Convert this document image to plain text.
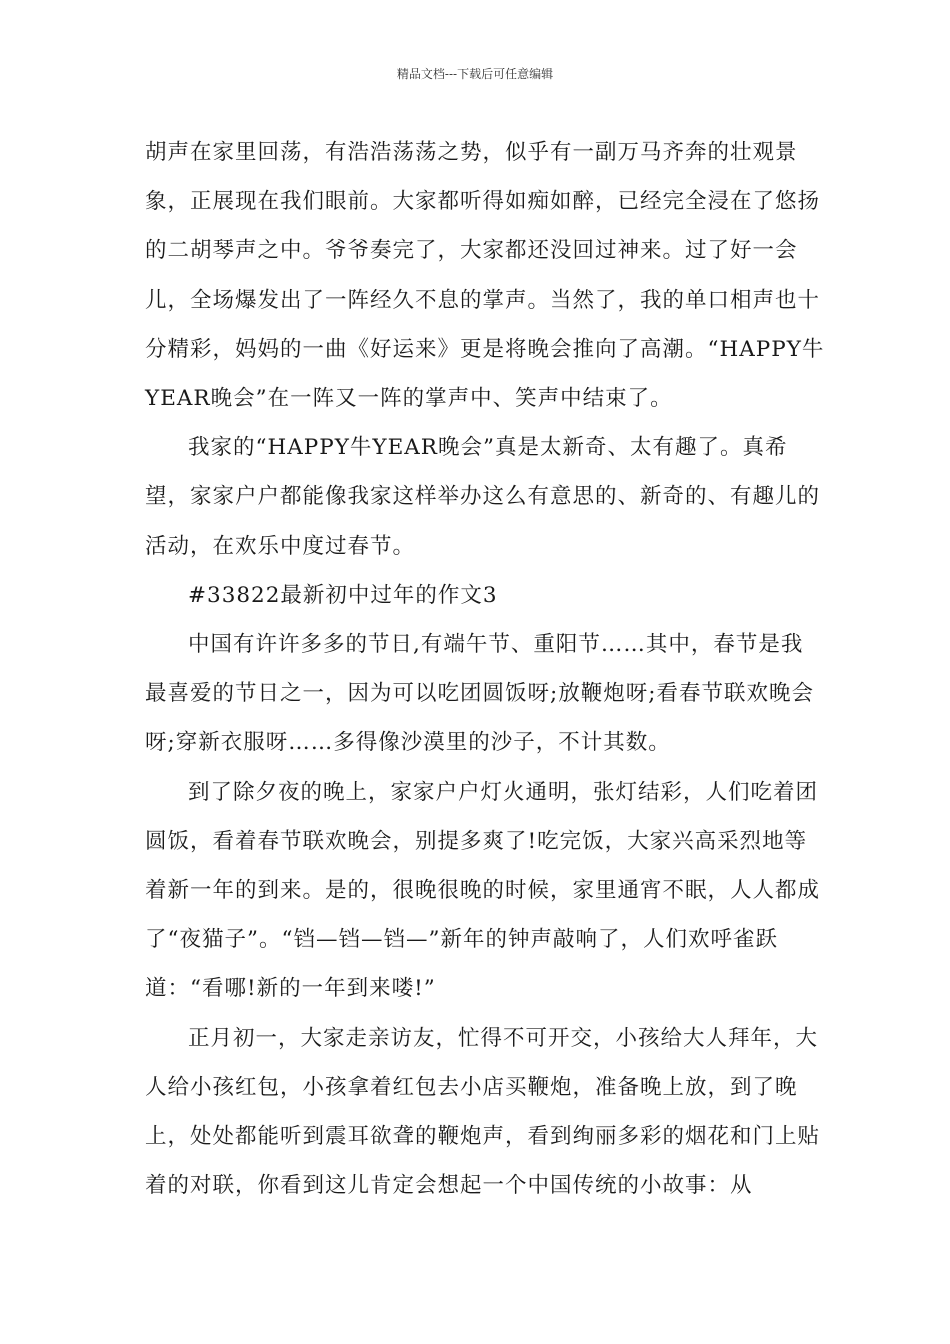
精品文档---下载后可任意编辑

胡声在家里回荡，有浩浩荡荡之势，似乎有一副万马齐奔的壮观景象，正展现在我们眼前。大家都听得如痴如醉，已经完全浸在了悠扬的二胡琴声之中。爷爷奏完了，大家都还没回过神来。过了好一会儿，全场爆发出了一阵经久不息的掌声。当然了，我的单口相声也十分精彩，妈妈的一曲《好运来》更是将晚会推向了高潮。“HAPPY牛YEAR晚会”在一阵又一阵的掌声中、笑声中结束了。

我家的“HAPPY牛YEAR晚会”真是太新奇、太有趣了。真希望，家家户户都能像我家这样举办这么有意思的、新奇的、有趣儿的活动，在欢乐中度过春节。

#33822最新初中过年的作文3

中国有许许多多的节日,有端午节、重阳节……其中，春节是我最喜爱的节日之一，因为可以吃团圆饭呀;放鞭炮呀;看春节联欢晚会呀;穿新衣服呀……多得像沙漠里的沙子，不计其数。

到了除夕夜的晚上，家家户户灯火通明，张灯结彩，人们吃着团圆饭，看着春节联欢晚会，别提多爽了!吃完饭，大家兴高采烈地等着新一年的到来。是的，很晚很晚的时候，家里通宵不眠，人人都成了“夜猫子”。“铛—铛—铛—”新年的钟声敲响了，人们欢呼雀跃道：“看哪!新的一年到来喽!”

正月初一，大家走亲访友，忙得不可开交，小孩给大人拜年，大人给小孩红包，小孩拿着红包去小店买鞭炮，准备晚上放，到了晚上，处处都能听到震耳欲聋的鞭炮声，看到绚丽多彩的烟花和门上贴着的对联，你看到这儿肯定会想起一个中国传统的小故事：从
